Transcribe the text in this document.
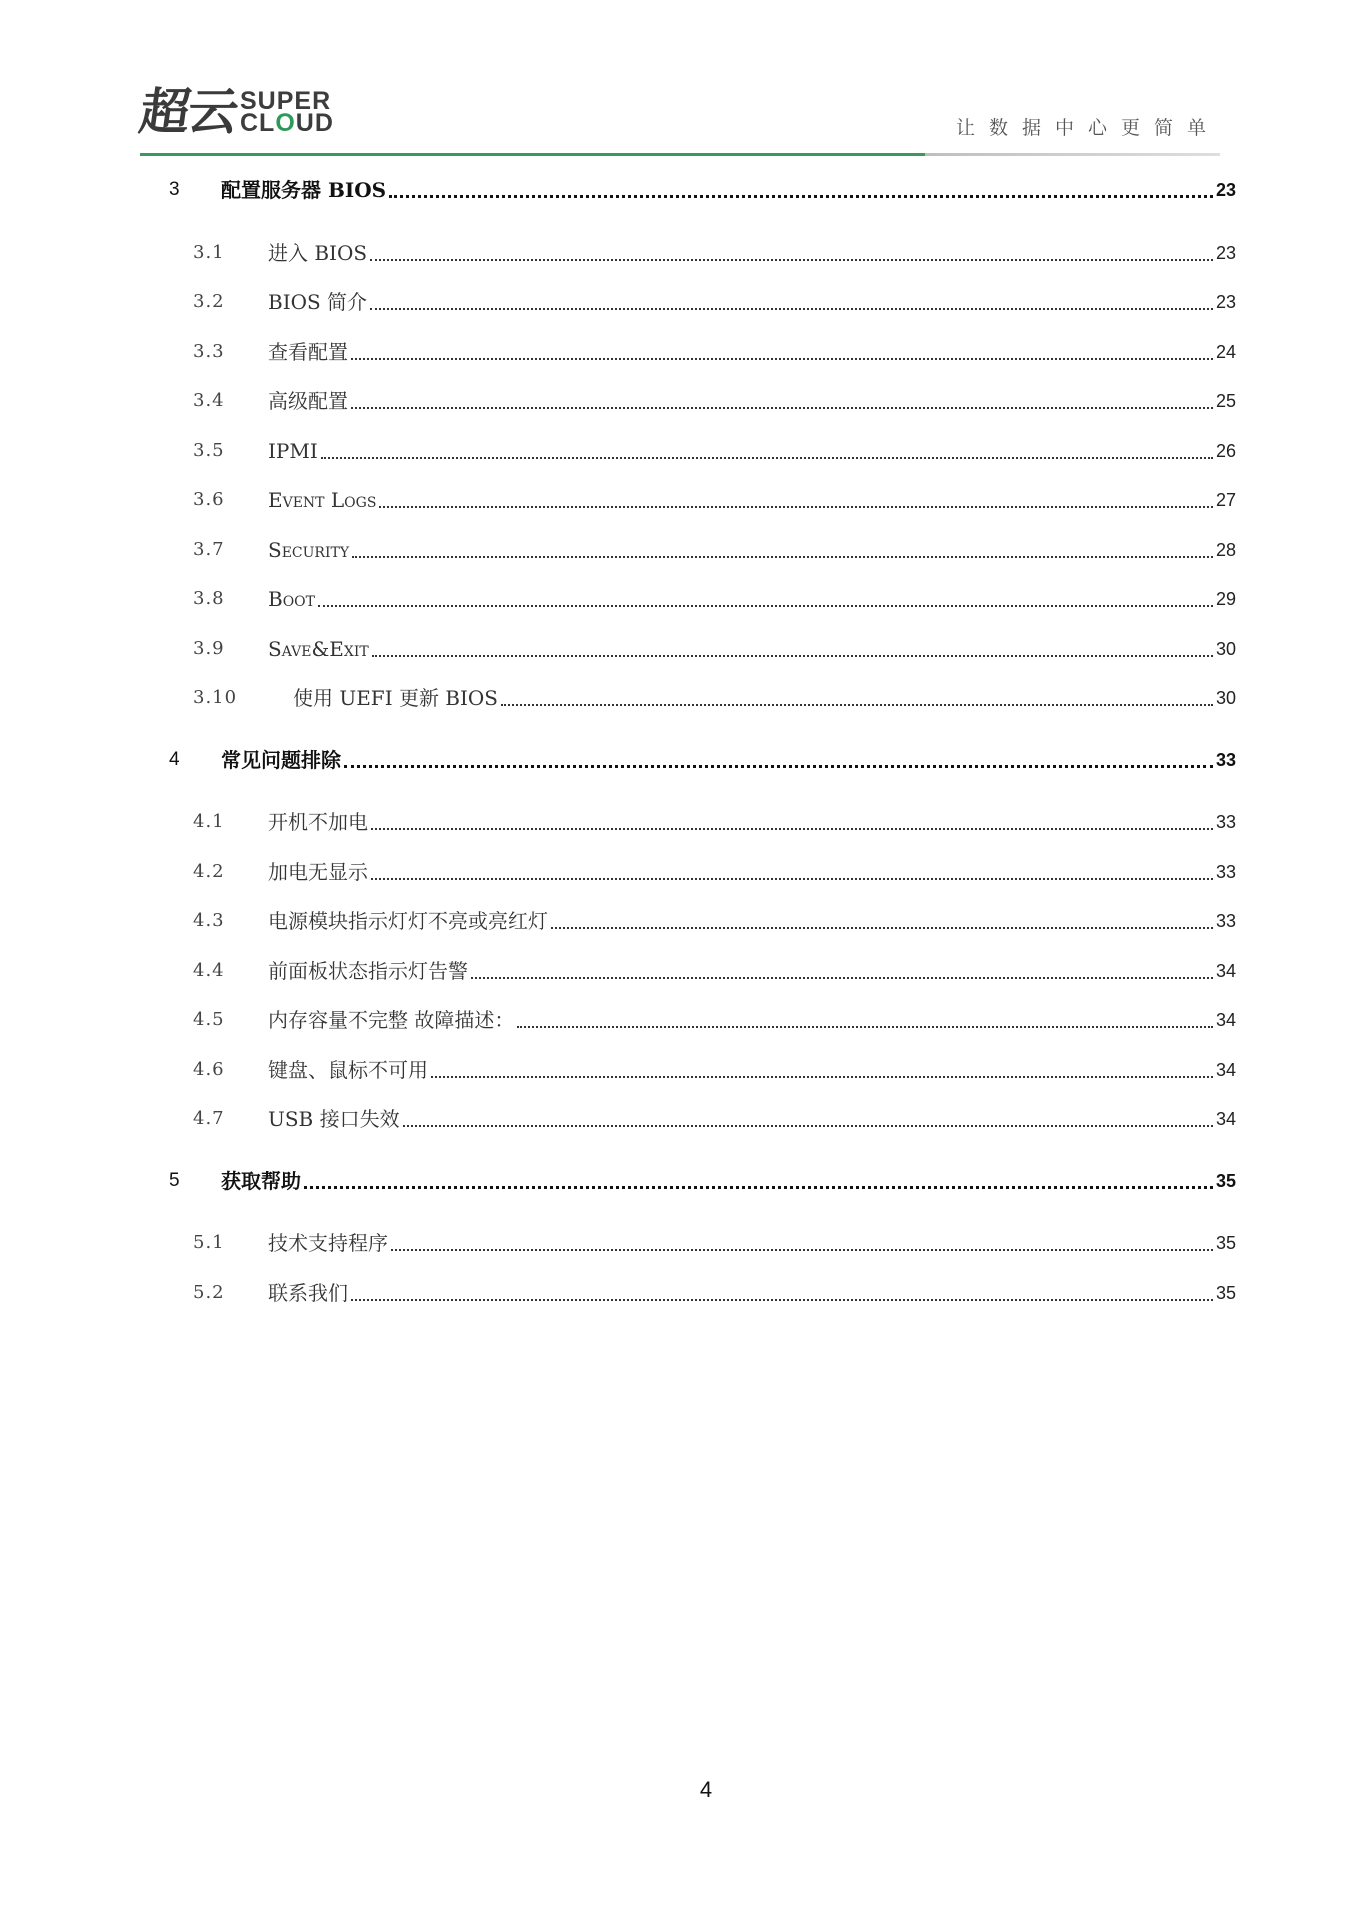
超云 SUPER
CLOUD	让数据中心更简单
3 配置服务器 BIOS	23
3.1 进入 BIOS	23
3.2 BIOS 简介	23
3.3 查看配置	24
3.4 高级配置	25
3.5 IPMI	26
3.6 Event Logs	27
3.7 Security	28
3.8 Boot	29
3.9 Save&Exit	30
3.10	使用 UEFI 更新 BIOS	30
4 常见问题排除	33
4.1 开机不加电	33
4.2 加电无显示	33
4.3 电源模块指示灯灯不亮或亮红灯	33
4.4 前面板状态指示灯告警	34
4.5 内存容量不完整 故障描述：	34
4.6 键盘、鼠标不可用	34
4.7 USB 接口失效	34
5 获取帮助	35
5.1 技术支持程序	35
5.2 联系我们	35
4
